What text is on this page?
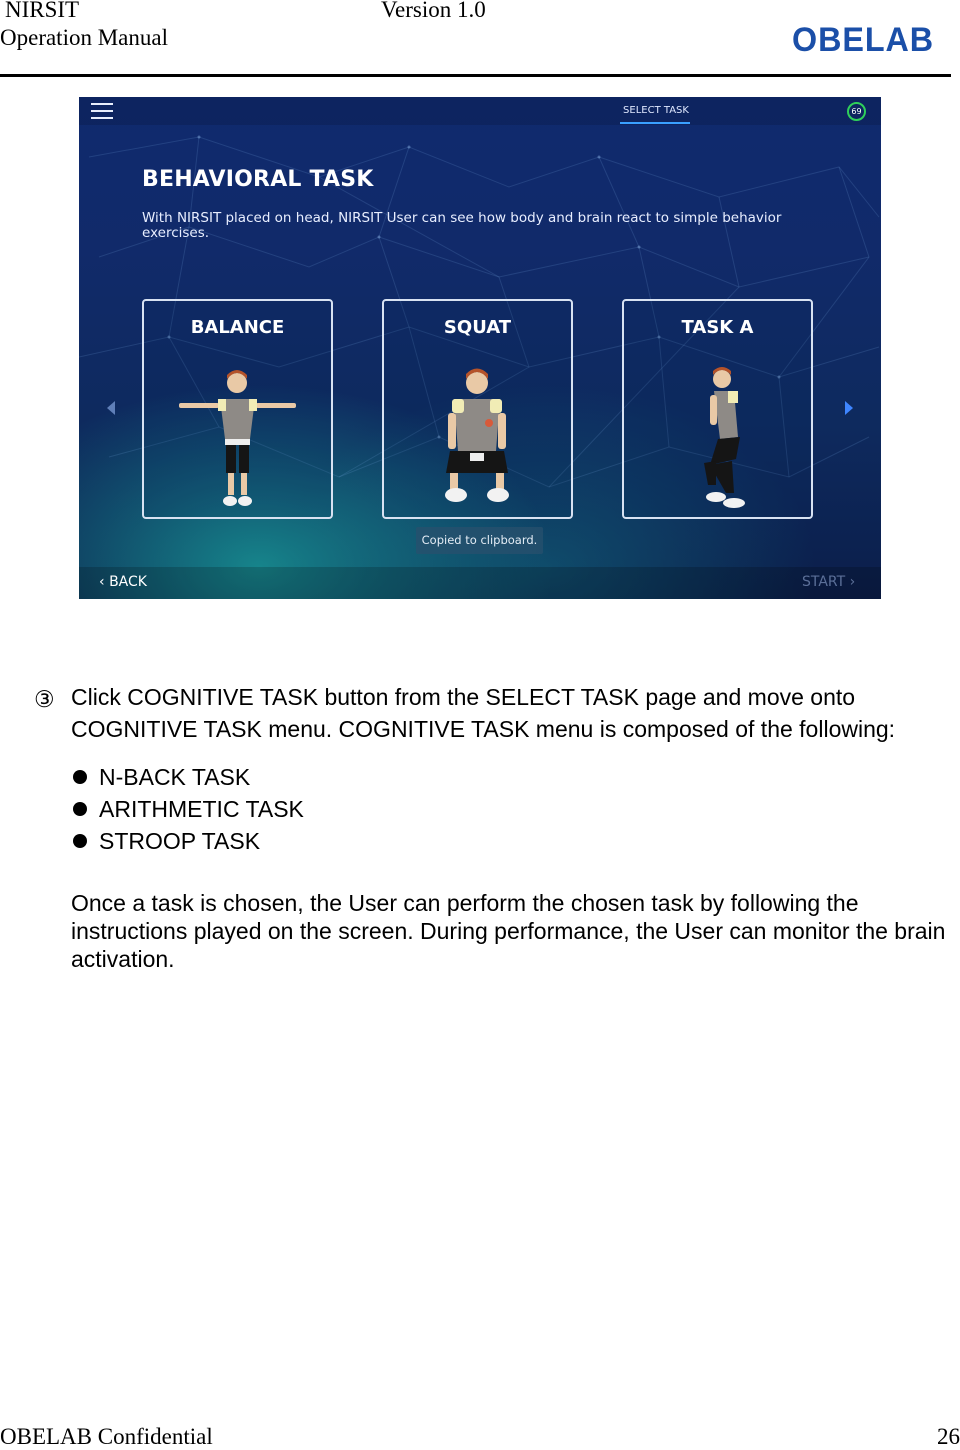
NIRSIT
Operation Manual
Version 1.0
OBELAB
SELECT TASK	69
BEHAVIORAL TASK
With NIRSIT placed on head, NIRSIT User can see how body and brain react to simple behavior exercises.
BALANCE	SQUAT	TASK A
Copied to clipboard.
‹ BACK	START ›
③ Click COGNITIVE TASK button from the SELECT TASK page and move onto COGNITIVE TASK menu. COGNITIVE TASK menu is composed of the following:
N-BACK TASK
ARITHMETIC TASK
STROOP TASK
Once a task is chosen, the User can perform the chosen task by following the instructions played on the screen. During performance, the User can monitor the brain activation.
OBELAB Confidential	26
